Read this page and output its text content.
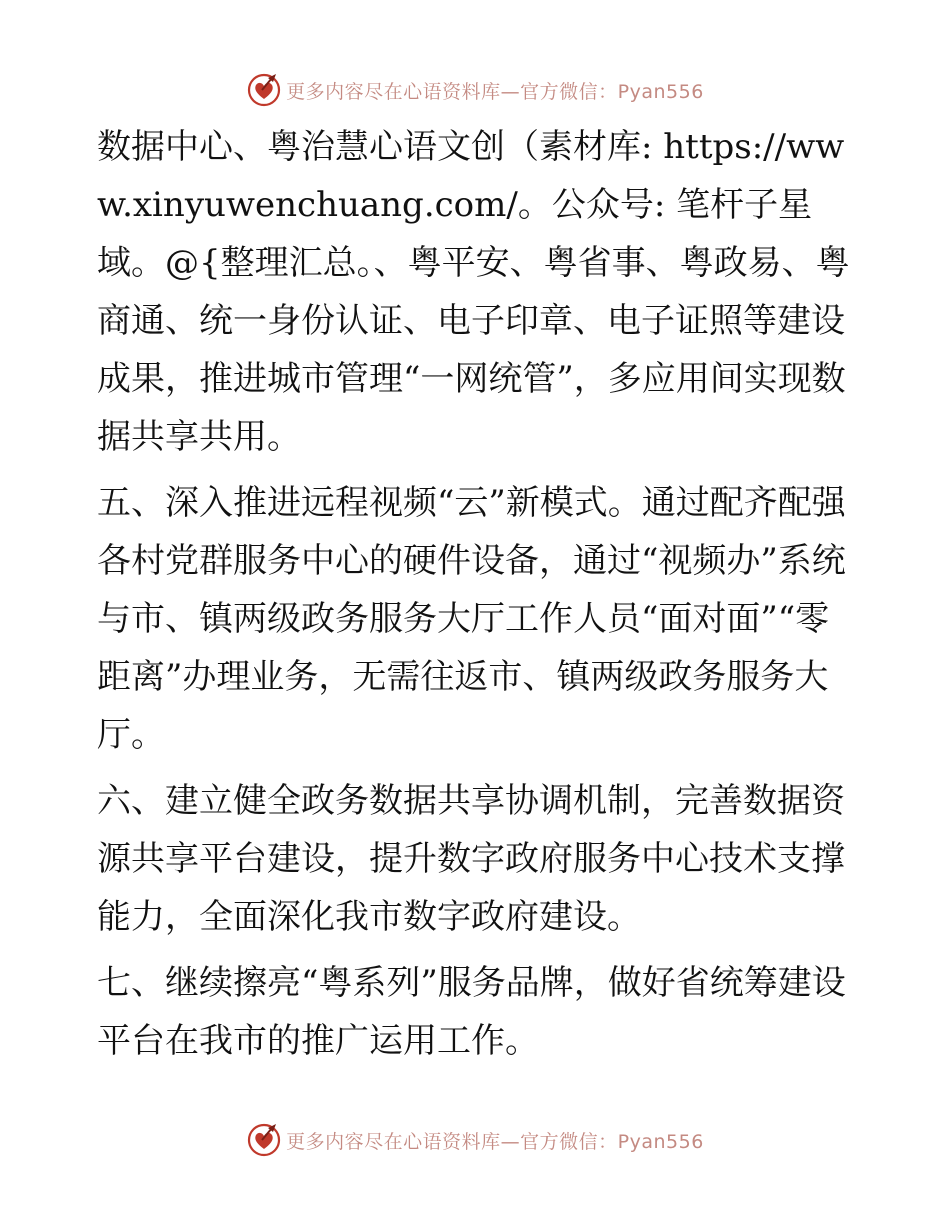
更多内容尽在心语资料库—官方微信：Pyan556

数据中心、粤治慧心语文创（素材库: https://www.xinyuwenchuang.com/。公众号: 笔杆子星域。@{整理汇总。、粤平安、粤省事、粤政易、粤商通、统一身份认证、电子印章、电子证照等建设成果，推进城市管理“一网统管”，多应用间实现数据共享共用。

五、深入推进远程视频“云”新模式。通过配齐配强各村党群服务中心的硬件设备，通过“视频办”系统与市、镇两级政务服务大厅工作人员“面对面”“零距离”办理业务，无需往返市、镇两级政务服务大厅。

六、建立健全政务数据共享协调机制，完善数据资源共享平台建设，提升数字政府服务中心技术支撑能力，全面深化我市数字政府建设。

七、继续擦亮“粤系列”服务品牌，做好省统筹建设平台在我市的推广运用工作。

更多内容尽在心语资料库—官方微信：Pyan556
